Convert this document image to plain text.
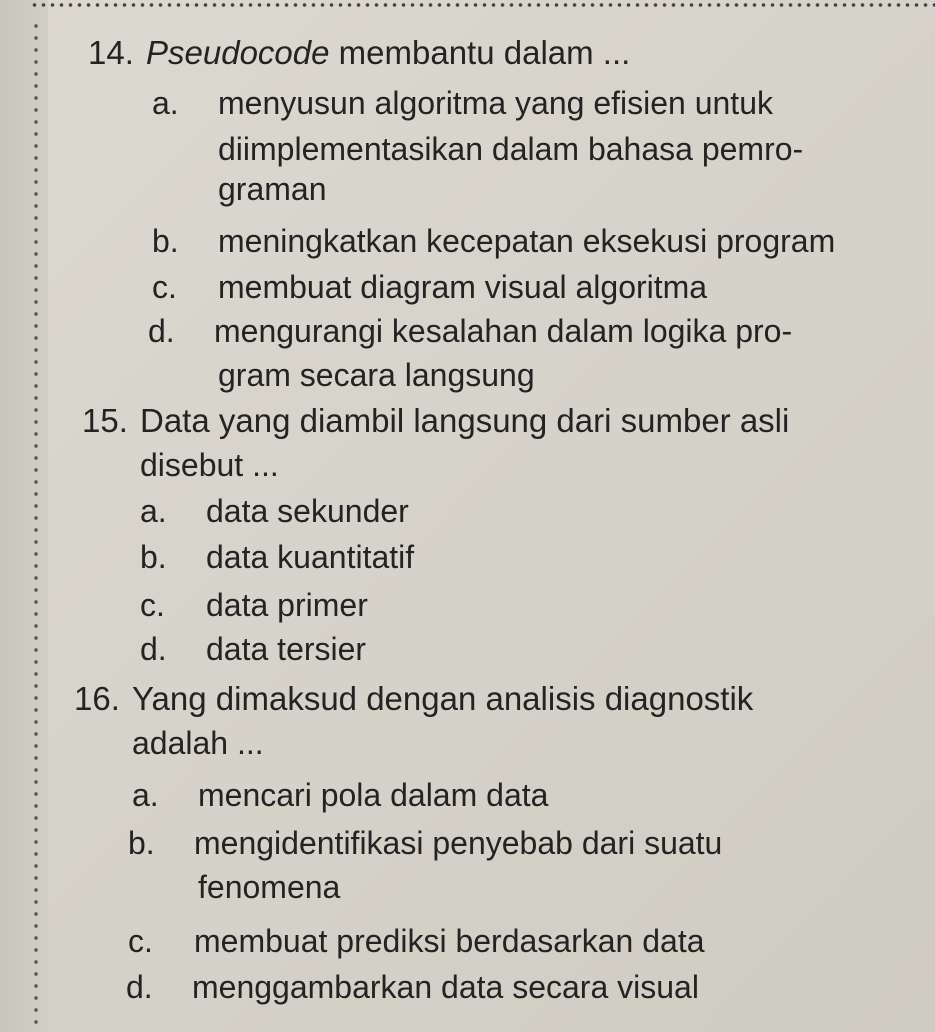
14. Pseudocode membantu dalam ...
a. menyusun algoritma yang efisien untuk
diimplementasikan dalam bahasa pemro-
graman
b. meningkatkan kecepatan eksekusi program
c. membuat diagram visual algoritma
d. mengurangi kesalahan dalam logika pro-
gram secara langsung
15. Data yang diambil langsung dari sumber asli
disebut ...
a. data sekunder
b. data kuantitatif
c. data primer
d. data tersier
16. Yang dimaksud dengan analisis diagnostik
adalah ...
a. mencari pola dalam data
b. mengidentifikasi penyebab dari suatu
fenomena
c. membuat prediksi berdasarkan data
d. menggambarkan data secara visual
